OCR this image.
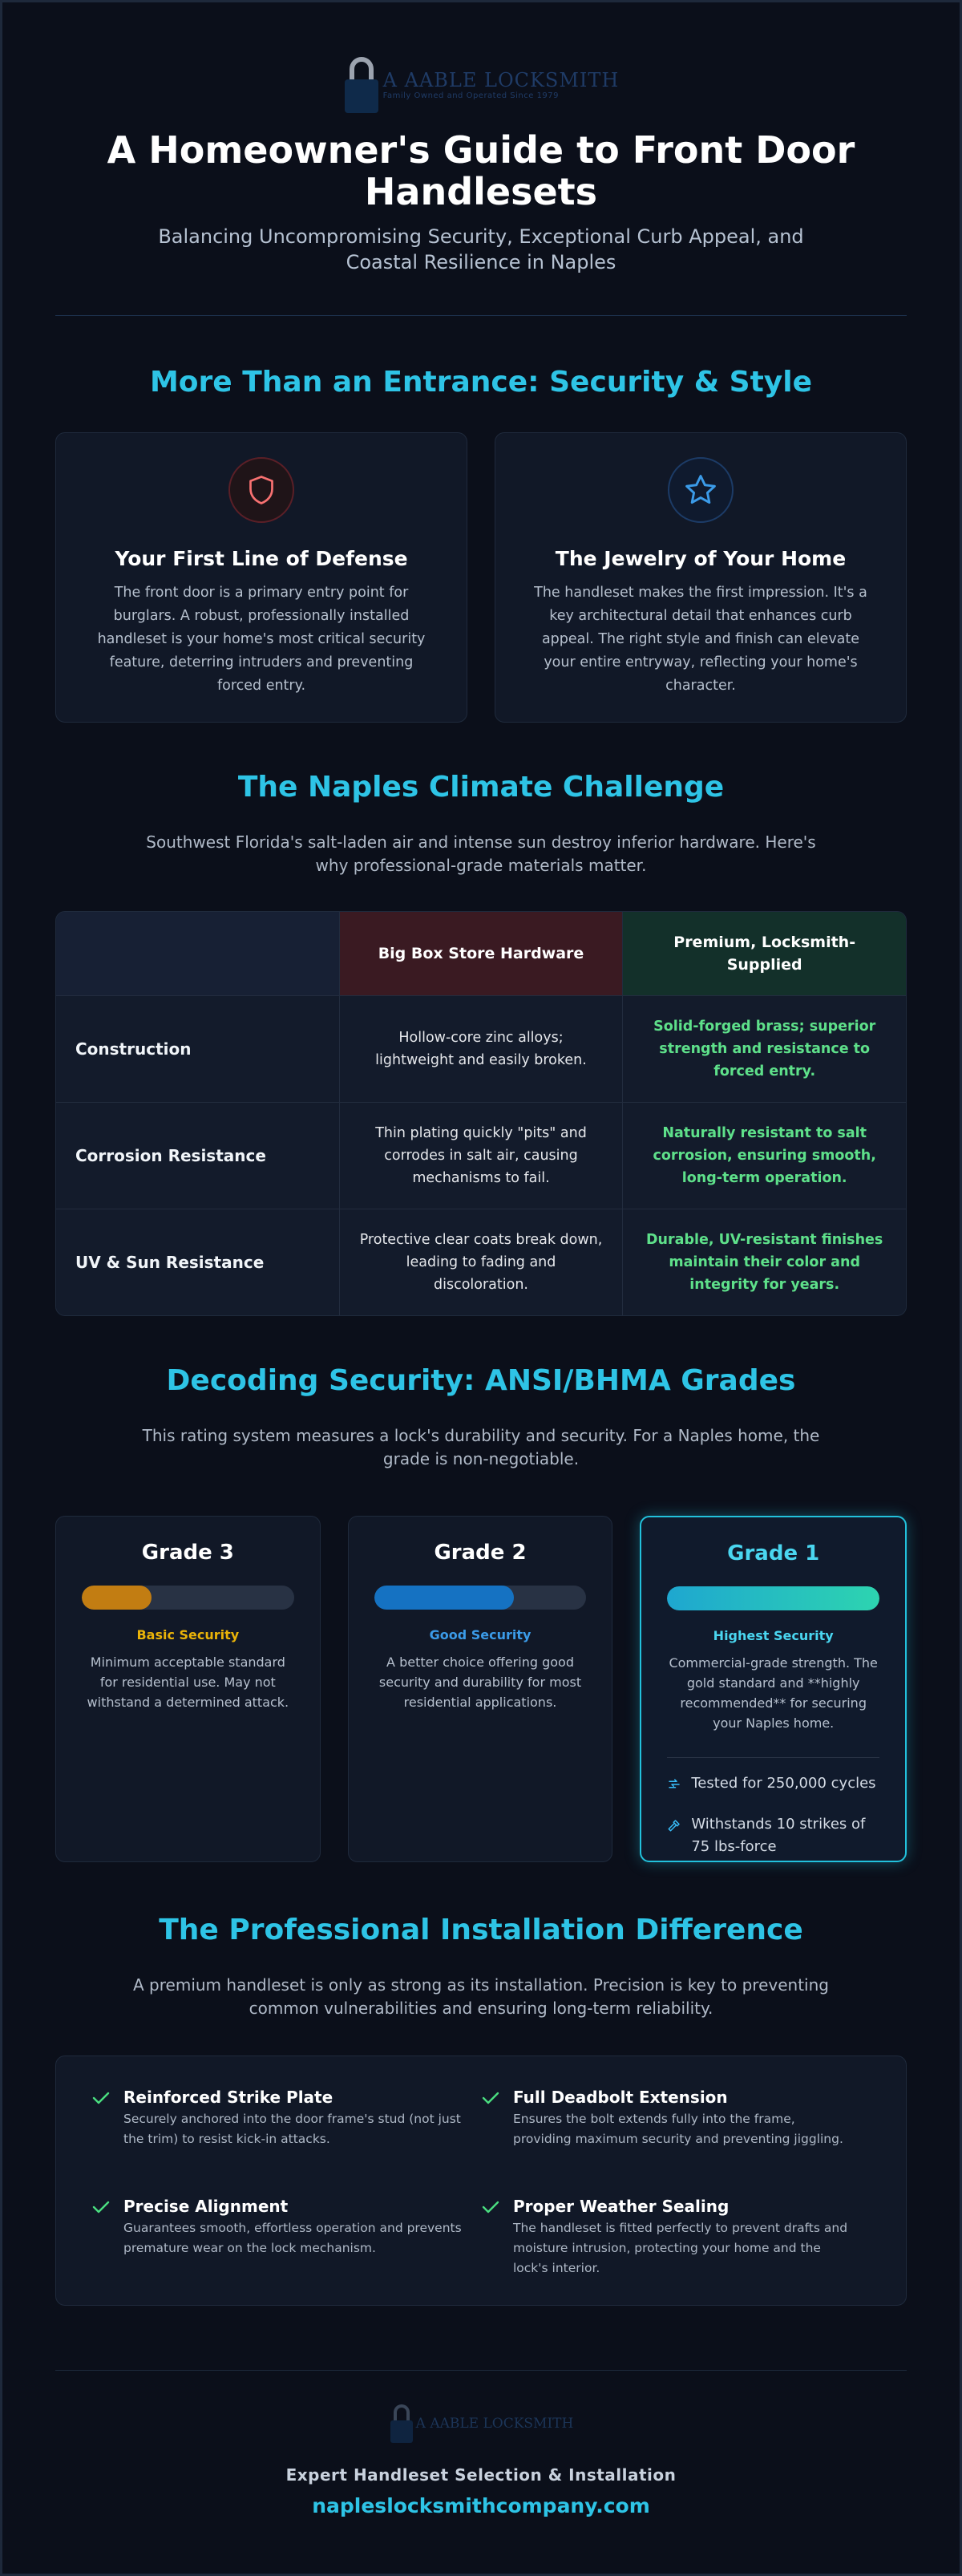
A AABLE LOCKSMITH
Family Owned and Operated Since 1979
A Homeowner's Guide to Front Door Handlesets

Balancing Uncompromising Security, Exceptional Curb Appeal, and Coastal Resilience in Naples

More Than an Entrance: Security & Style
Your First Line of Defense

The front door is a primary entry point for burglars. A robust, professionally installed handleset is your home's most critical security feature, deterring intruders and preventing forced entry.

The Jewelry of Your Home

The handleset makes the first impression. It's a key architectural detail that enhances curb appeal. The right style and finish can elevate your entire entryway, reflecting your home's character.

The Naples Climate Challenge

Southwest Florida's salt-laden air and intense sun destroy inferior hardware. Here's why professional-grade materials matter.

Big Box Store Hardware
Premium, Locksmith-Supplied
Construction
Hollow-core zinc alloys; lightweight and easily broken.
Solid-forged brass; superior strength and resistance to forced entry.
Corrosion Resistance
Thin plating quickly "pits" and corrodes in salt air, causing mechanisms to fail.
Naturally resistant to salt corrosion, ensuring smooth, long-term operation.
UV & Sun Resistance
Protective clear coats break down, leading to fading and discoloration.
Durable, UV-resistant finishes maintain their color and integrity for years.
Decoding Security: ANSI/BHMA Grades

This rating system measures a lock's durability and security. For a Naples home, the grade is non-negotiable.

Grade 3
Basic Security

Minimum acceptable standard for residential use. May not withstand a determined attack.

Grade 2
Good Security

A better choice offering good security and durability for most residential applications.

Grade 1
Highest Security

Commercial-grade strength. The gold standard and **highly recommended** for securing your Naples home.

Tested for 250,000 cycles
Withstands 10 strikes of 75 lbs-force
The Professional Installation Difference

A premium handleset is only as strong as its installation. Precision is key to preventing common vulnerabilities and ensuring long-term reliability.

Reinforced Strike Plate

Securely anchored into the door frame's stud (not just the trim) to resist kick-in attacks.

Full Deadbolt Extension

Ensures the bolt extends fully into the frame, providing maximum security and preventing jiggling.

Precise Alignment

Guarantees smooth, effortless operation and prevents premature wear on the lock mechanism.

Proper Weather Sealing

The handleset is fitted perfectly to prevent drafts and moisture intrusion, protecting your home and the lock's interior.

A AABLE LOCKSMITH
Expert Handleset Selection & Installation
napleslocksmithcompany.com
